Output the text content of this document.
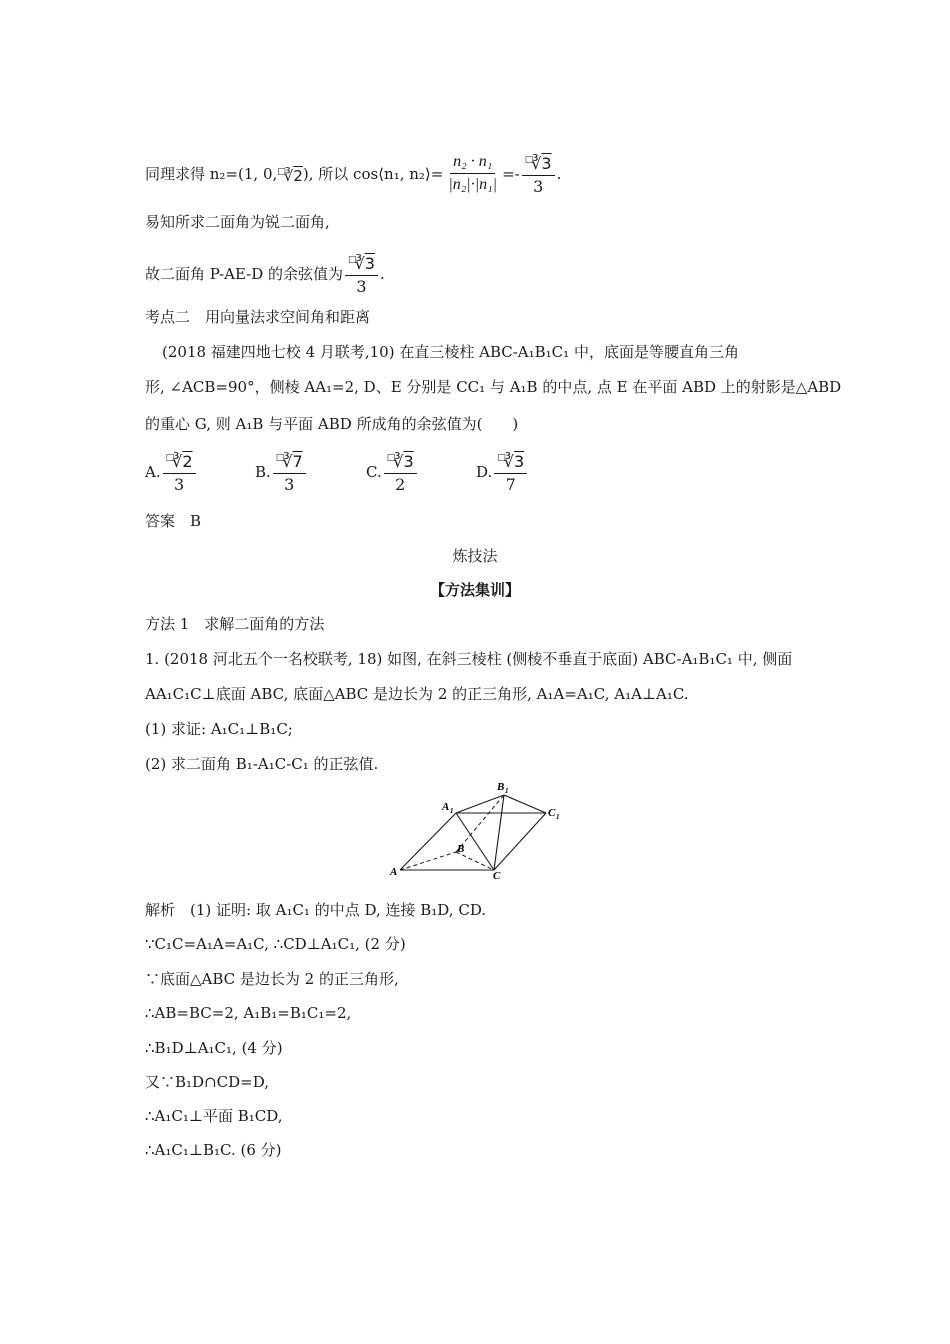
同理求得 n₂=(1, 0, □∛2 ), 所以 cos⟨n₁, n₂⟩= $\frac{\text{n₂ · n₁}}{\text{|n₂|·|n₁|}} =- \frac{^□∛3}{3}$ .
易知所求二面角为锐二面角,
故二面角 P-AE-D 的余弦值为 $\frac{^□∛3}{3}$ .
考点二　用向量法求空间角和距离
(2018 福建四地七校 4 月联考,10) 在直三棱柱 ABC-A₁B₁C₁ 中，底面是等腰直角三角
形, ∠ACB=90°，侧棱 AA₁=2, D、E 分别是 CC₁ 与 A₁B 的中点, 点 E 在平面 ABD 上的射影是△ABD
的重心 G, 则 A₁B 与平面 ABD 所成角的余弦值为(　　)
A. $\frac{^□∛2}{3}$	B. $\frac{^□∛7}{3}$	C. $\frac{^□∛3}{2}$	D. $\frac{^□∛3}{7}$
答案　B
炼技法
【方法集训】
方法 1　求解二面角的方法
1. (2018 河北五个一名校联考, 18) 如图, 在斜三棱柱 (侧棱不垂直于底面) ABC-A₁B₁C₁ 中, 侧面
AA₁C₁C⊥底面 ABC, 底面△ABC 是边长为 2 的正三角形, A₁A=A₁C, A₁A⊥A₁C.
(1) 求证: A₁C₁⊥B₁C;
(2) 求二面角 B₁-A₁C-C₁ 的正弦值.
A
B
C
A 1
B 1
C 1
解析　(1) 证明: 取 A₁C₁ 的中点 D, 连接 B₁D, CD.
∵C₁C=A₁A=A₁C, ∴CD⊥A₁C₁, (2 分)
∵底面△ABC 是边长为 2 的正三角形,
∴AB=BC=2, A₁B₁=B₁C₁=2,
∴B₁D⊥A₁C₁, (4 分)
又∵B₁D∩CD=D,
∴A₁C₁⊥平面 B₁CD,
∴A₁C₁⊥B₁C. (6 分)
